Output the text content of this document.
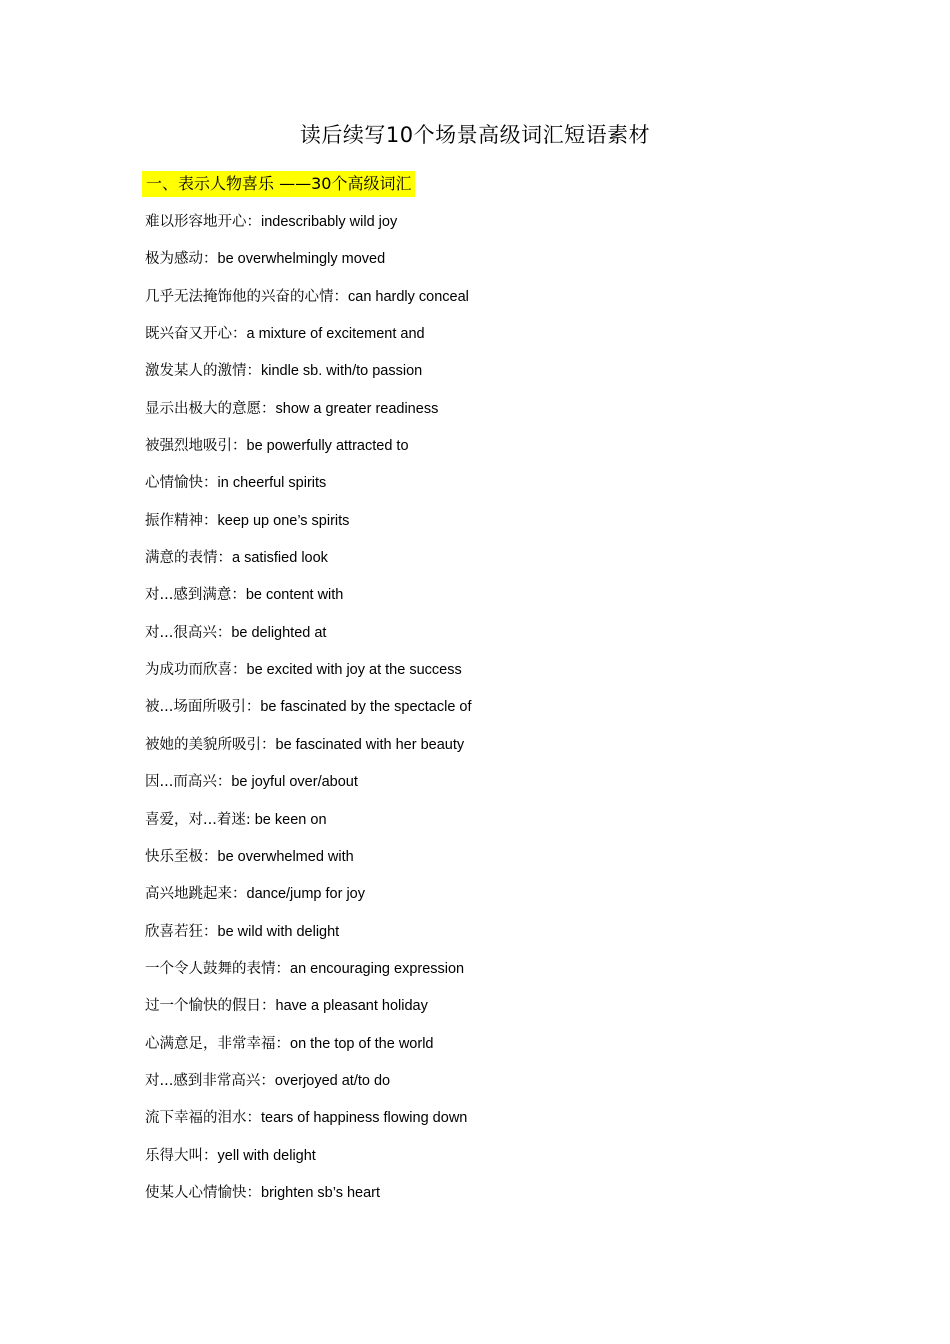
读后续写10个场景高级词汇短语素材
一、表示人物喜乐 ——30个高级词汇
难以形容地开心：indescribably wild joy
极为感动：be overwhelmingly moved
几乎无法掩饰他的兴奋的心情：can hardly conceal
既兴奋又开心：a mixture of excitement and
激发某人的激情：kindle sb. with/to passion
显示出极大的意愿：show a greater readiness
被强烈地吸引：be powerfully attracted to
心情愉快：in cheerful spirits
振作精神：keep up one’s spirits
满意的表情：a satisfied look
对...感到满意：be content with
对...很高兴：be delighted at
为成功而欣喜：be excited with joy at the success
被...场面所吸引：be fascinated by the spectacle of
被她的美貌所吸引：be fascinated with her beauty
因...而高兴：be joyful over/about
喜爱，对...着迷: be keen on
快乐至极：be overwhelmed with
高兴地跳起来：dance/jump for joy
欣喜若狂：be wild with delight
一个令人鼓舞的表情：an encouraging expression
过一个愉快的假日：have a pleasant holiday
心满意足，非常幸福：on the top of the world
对...感到非常高兴：overjoyed at/to do
流下幸福的泪水：tears of happiness flowing down
乐得大叫：yell with delight
使某人心情愉快：brighten sb’s heart
